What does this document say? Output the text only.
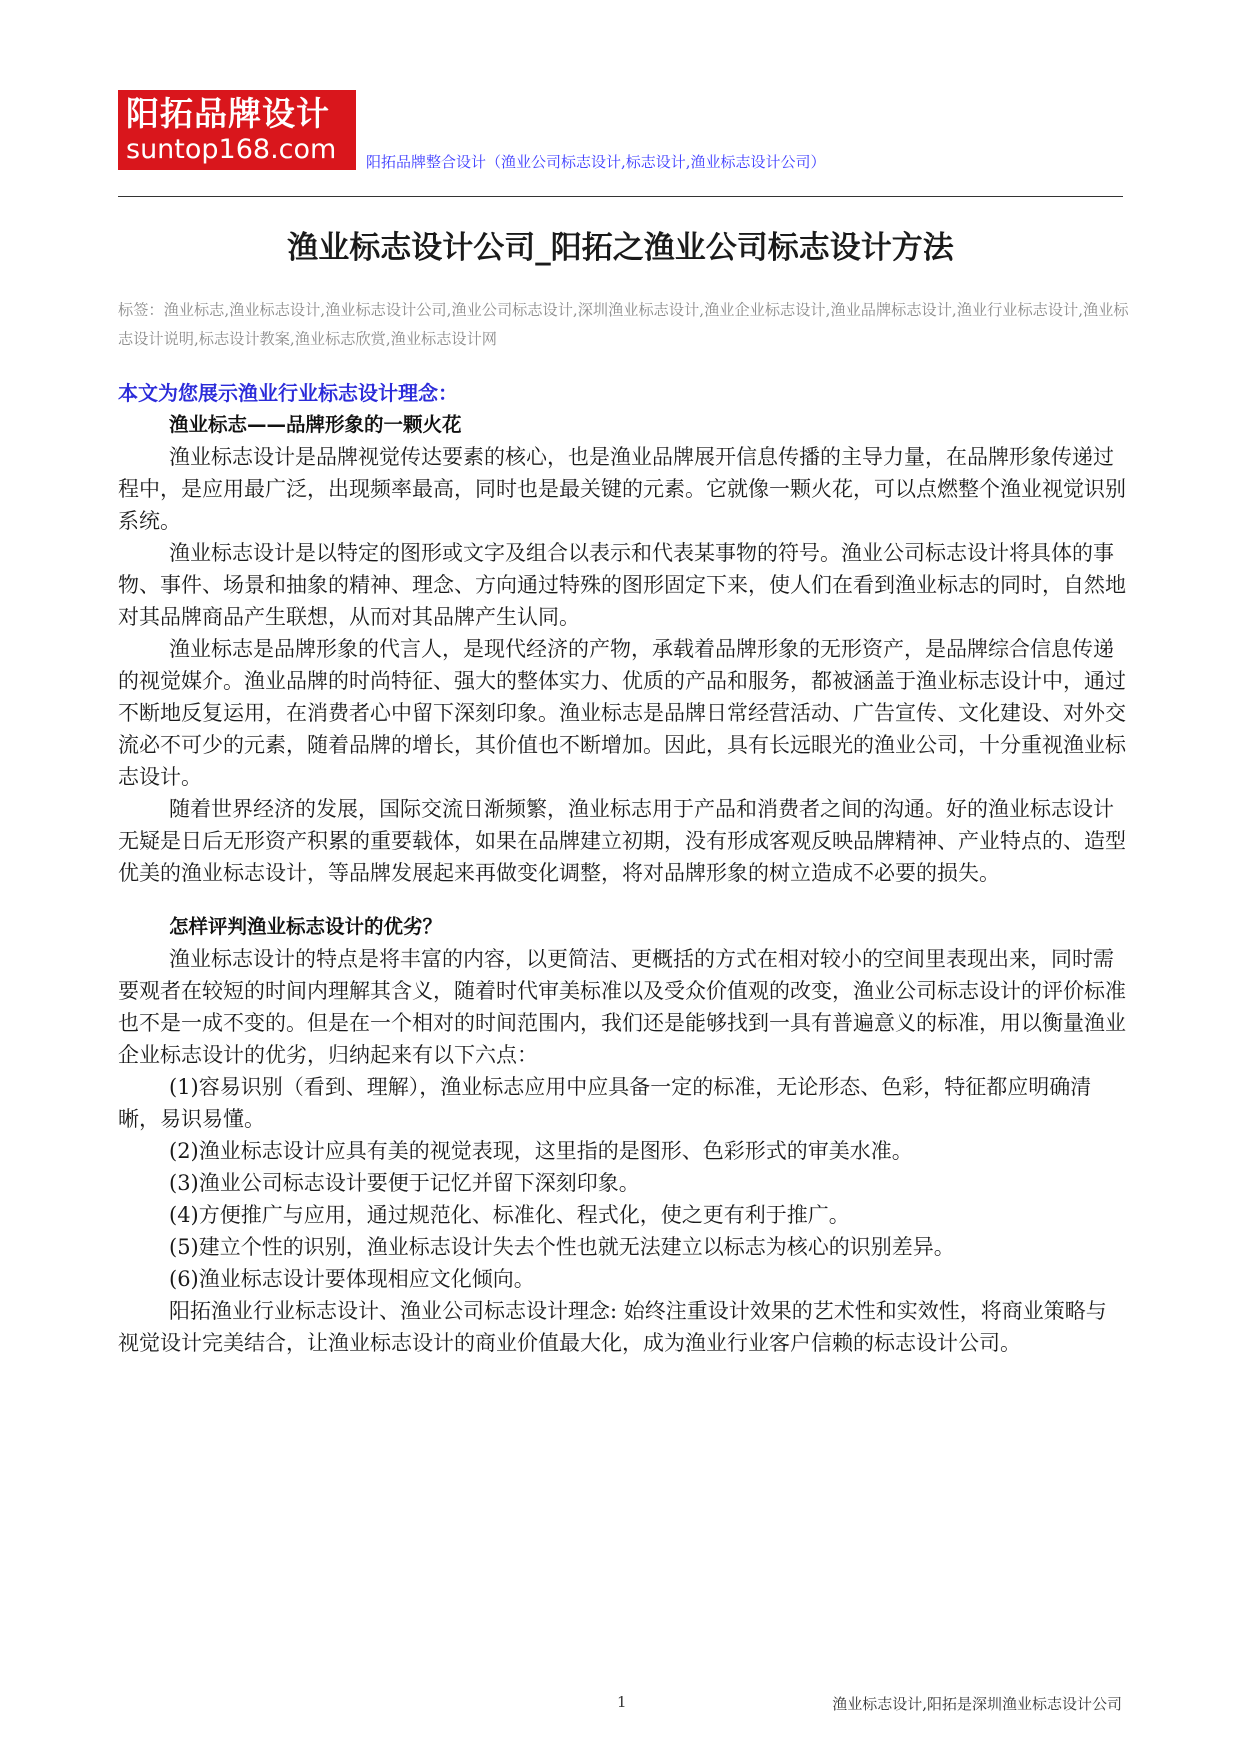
阳拓品牌设计
suntop168.com	阳拓品牌整合设计（渔业公司标志设计,标志设计,渔业标志设计公司）
渔业标志设计公司_阳拓之渔业公司标志设计方法
标签：渔业标志,渔业标志设计,渔业标志设计公司,渔业公司标志设计,深圳渔业标志设计,渔业企业标志设计,渔业品牌标志设计,渔业行业标志设计,渔业标志设计说明,标志设计教案,渔业标志欣赏,渔业标志设计网

本文为您展示渔业行业标志设计理念：

渔业标志——品牌形象的一颗火花

渔业标志设计是品牌视觉传达要素的核心，也是渔业品牌展开信息传播的主导力量，在品牌形象传递过程中，是应用最广泛，出现频率最高，同时也是最关键的元素。它就像一颗火花，可以点燃整个渔业视觉识别系统。

渔业标志设计是以特定的图形或文字及组合以表示和代表某事物的符号。渔业公司标志设计将具体的事物、事件、场景和抽象的精神、理念、方向通过特殊的图形固定下来，使人们在看到渔业标志的同时，自然地对其品牌商品产生联想，从而对其品牌产生认同。

渔业标志是品牌形象的代言人，是现代经济的产物，承载着品牌形象的无形资产，是品牌综合信息传递的视觉媒介。渔业品牌的时尚特征、强大的整体实力、优质的产品和服务，都被涵盖于渔业标志设计中，通过不断地反复运用，在消费者心中留下深刻印象。渔业标志是品牌日常经营活动、广告宣传、文化建设、对外交流必不可少的元素，随着品牌的增长，其价值也不断增加。因此，具有长远眼光的渔业公司，十分重视渔业标志设计。

随着世界经济的发展，国际交流日渐频繁，渔业标志用于产品和消费者之间的沟通。好的渔业标志设计无疑是日后无形资产积累的重要载体，如果在品牌建立初期，没有形成客观反映品牌精神、产业特点的、造型优美的渔业标志设计，等品牌发展起来再做变化调整，将对品牌形象的树立造成不必要的损失。

怎样评判渔业标志设计的优劣？

渔业标志设计的特点是将丰富的内容，以更简洁、更概括的方式在相对较小的空间里表现出来，同时需要观者在较短的时间内理解其含义，随着时代审美标准以及受众价值观的改变，渔业公司标志设计的评价标准也不是一成不变的。但是在一个相对的时间范围内，我们还是能够找到一具有普遍意义的标准，用以衡量渔业企业标志设计的优劣，归纳起来有以下六点：

(1)容易识别（看到、理解），渔业标志应用中应具备一定的标准，无论形态、色彩，特征都应明确清晰，易识易懂。

(2)渔业标志设计应具有美的视觉表现，这里指的是图形、色彩形式的审美水准。

(3)渔业公司标志设计要便于记忆并留下深刻印象。

(4)方便推广与应用，通过规范化、标准化、程式化，使之更有利于推广。

(5)建立个性的识别，渔业标志设计失去个性也就无法建立以标志为核心的识别差异。

(6)渔业标志设计要体现相应文化倾向。

阳拓渔业行业标志设计、渔业公司标志设计理念: 始终注重设计效果的艺术性和实效性，将商业策略与视觉设计完美结合，让渔业标志设计的商业价值最大化，成为渔业行业客户信赖的标志设计公司。

1	渔业标志设计,阳拓是深圳渔业标志设计公司
